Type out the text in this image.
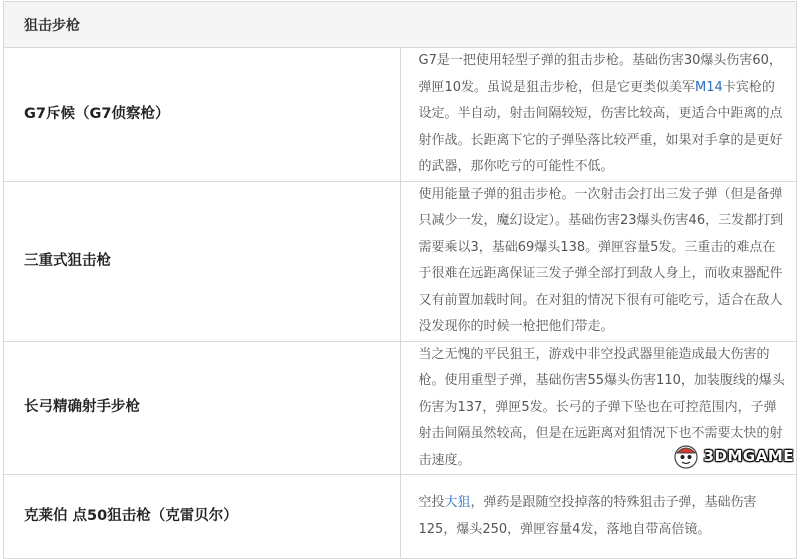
狙击步枪	
G7斥候（G7侦察枪）	G7是一把使用轻型子弹的狙击步枪。基础伤害30爆头伤害60，弹匣10发。虽说是狙击步枪，但是它更类似美军M14卡宾枪的设定。半自动，射击间隔较短，伤害比较高，更适合中距离的点射作战。长距离下它的子弹坠落比较严重，如果对手拿的是更好的武器，那你吃亏的可能性不低。
三重式狙击枪	使用能量子弹的狙击步枪。一次射击会打出三发子弹（但是备弹只减少一发，魔幻设定）。基础伤害23爆头伤害46，三发都打到需要乘以3，基础69爆头138。弹匣容量5发。三重击的难点在于很难在远距离保证三发子弹全部打到敌人身上，而收束器配件又有前置加载时间。在对狙的情况下很有可能吃亏，适合在敌人没发现你的时候一枪把他们带走。
长弓精确射手步枪	当之无愧的平民狙王，游戏中非空投武器里能造成最大伤害的枪。使用重型子弹，基础伤害55爆头伤害110，加装腹线的爆头伤害为137，弹匣5发。长弓的子弹下坠也在可控范围内，子弹射击间隔虽然较高，但是在远距离对狙情况下也不需要太快的射击速度。
克莱伯 点50狙击枪（克雷贝尔）	空投大狙，弹药是跟随空投掉落的特殊狙击子弹，基础伤害125，爆头250，弹匣容量4发，落地自带高倍镜。
3DMGAME
